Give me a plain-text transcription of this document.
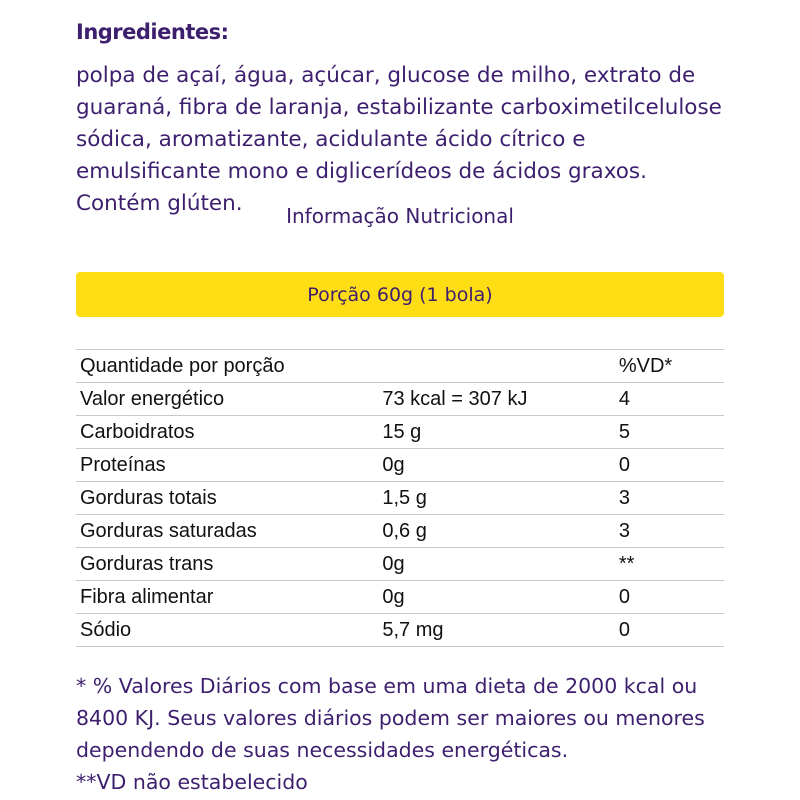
Ingredientes:
polpa de açaí, água, açúcar, glucose de milho, extrato de guaraná, fibra de laranja, estabilizante carboximetilcelulose sódica, aromatizante, acidulante ácido cítrico e emulsificante mono e diglicerídeos de ácidos graxos. Contém glúten.	Informação Nutricional
Porção 60g (1 bola)
Quantidade por porção		%VD*
Valor energético	73 kcal = 307 kJ	4
Carboidratos	15 g	5
Proteínas	0g	0
Gorduras totais	1,5 g	3
Gorduras saturadas	0,6 g	3
Gorduras trans	0g	**
Fibra alimentar	0g	0
Sódio	5,7 mg	0
* % Valores Diários com base em uma dieta de 2000 kcal ou 8400 KJ. Seus valores diários podem ser maiores ou menores dependendo de suas necessidades energéticas.
**VD não estabelecido
